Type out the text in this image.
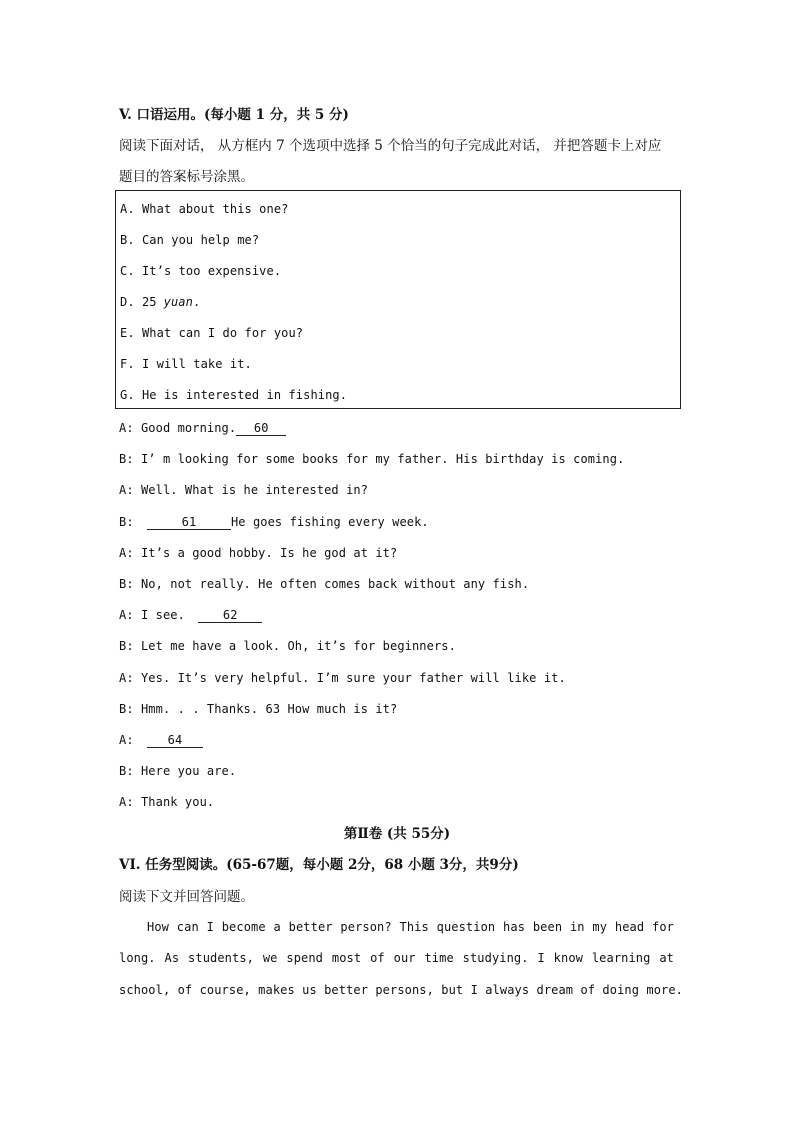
V. 口语运用。(每小题 1 分，共 5 分)
阅读下面对话， 从方框内 7 个选项中选择 5 个恰当的句子完成此对话， 并把答题卡上对应
题目的答案标号涂黑。
A. What about this one?
B. Can you help me?
C. It’s too expensive.
D. 25 yuan.
E. What can I do for you?
F. I will take it.
G. He is interested in fishing.
A: Good morning. 60
B: I’ m looking for some books for my father. His birthday is coming.
A: Well. What is he interested in?
B:	61	He goes fishing every week.
A: It’s a good hobby. Is he god at it?
B: No, not really. He often comes back without any fish.
A: I see.	62
B: Let me have a look. Oh, it’s for beginners.
A: Yes. It’s very helpful. I’m sure your father will like it.
B: Hmm. . . Thanks. 63 How much is it?
A: 64
B: Here you are.
A: Thank you.
第Ⅱ卷 (共 55分)
VI. 任务型阅读。(65-67题，每小题 2分，68 小题 3分，共9分)
阅读下文并回答问题。
How can I become a better person? This question has been in my head for
long. As students, we spend most of our time studying. I know learning at
school, of course, makes us better persons, but I always dream of doing more.
